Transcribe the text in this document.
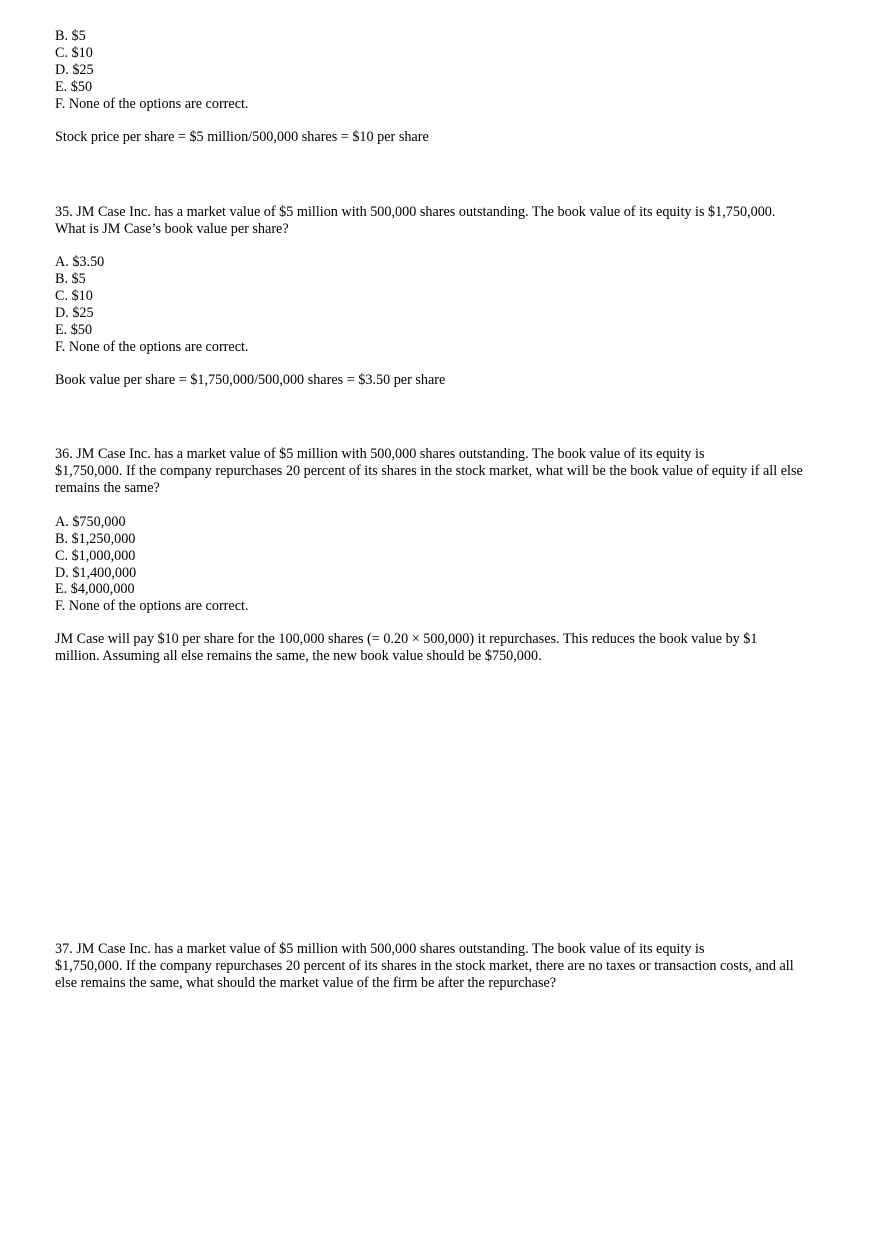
B. $5
C. $10
D. $25
E. $50
F. None of the options are correct.
Stock price per share = $5 million/500,000 shares = $10 per share
35. JM Case Inc. has a market value of $5 million with 500,000 shares outstanding. The book value of its equity is $1,750,000.
What is JM Case’s book value per share?
A. $3.50
B. $5
C. $10
D. $25
E. $50
F. None of the options are correct.
Book value per share = $1,750,000/500,000 shares = $3.50 per share
36. JM Case Inc. has a market value of $5 million with 500,000 shares outstanding. The book value of its equity is
$1,750,000. If the company repurchases 20 percent of its shares in the stock market, what will be the book value of equity if all else
remains the same?
A. $750,000
B. $1,250,000
C. $1,000,000
D. $1,400,000
E. $4,000,000
F. None of the options are correct.
JM Case will pay $10 per share for the 100,000 shares (= 0.20 × 500,000) it repurchases. This reduces the book value by $1
million. Assuming all else remains the same, the new book value should be $750,000.
37. JM Case Inc. has a market value of $5 million with 500,000 shares outstanding. The book value of its equity is
$1,750,000. If the company repurchases 20 percent of its shares in the stock market, there are no taxes or transaction costs, and all
else remains the same, what should the market value of the firm be after the repurchase?
